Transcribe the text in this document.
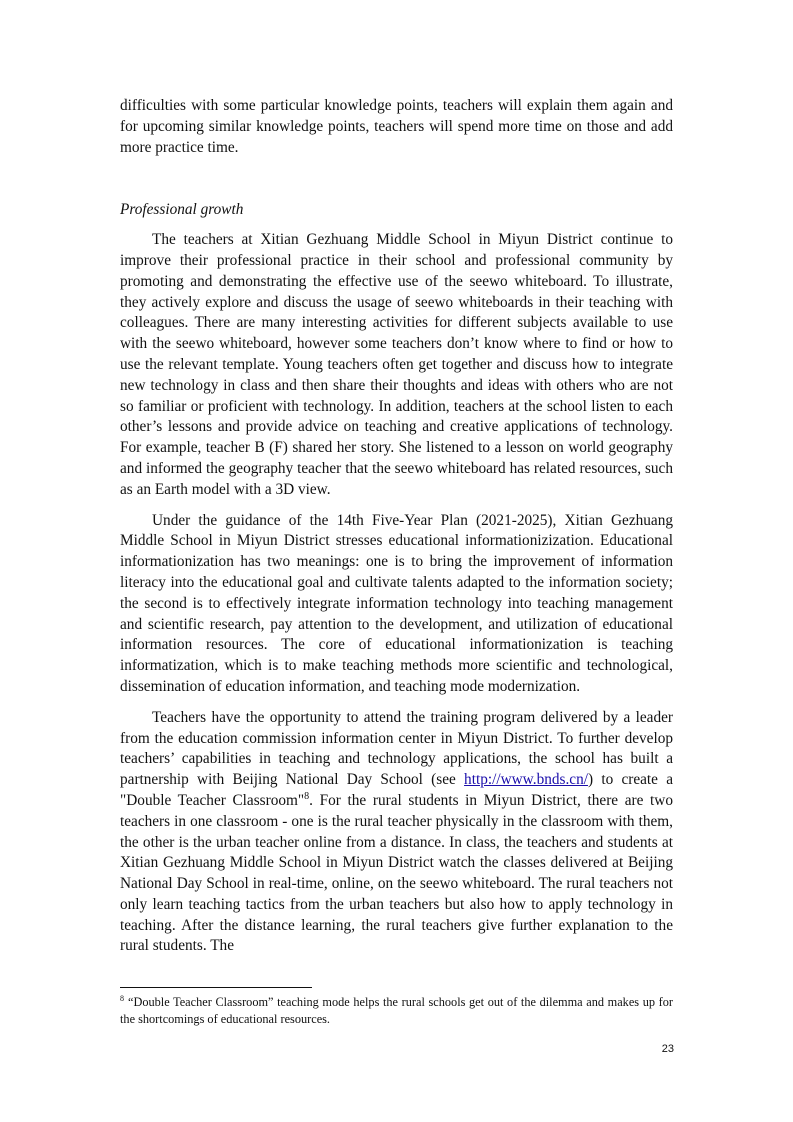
difficulties with some particular knowledge points, teachers will explain them again and for upcoming similar knowledge points, teachers will spend more time on those and add more practice time.

Professional growth

The teachers at Xitian Gezhuang Middle School in Miyun District continue to improve their professional practice in their school and professional community by promoting and demonstrating the effective use of the seewo whiteboard. To illustrate, they actively explore and discuss the usage of seewo whiteboards in their teaching with colleagues. There are many interesting activities for different subjects available to use with the seewo whiteboard, however some teachers don’t know where to find or how to use the relevant template. Young teachers often get together and discuss how to integrate new technology in class and then share their thoughts and ideas with others who are not so familiar or proficient with technology. In addition, teachers at the school listen to each other’s lessons and provide advice on teaching and creative applications of technology. For example, teacher B (F) shared her story. She listened to a lesson on world geography and informed the geography teacher that the seewo whiteboard has related resources, such as an Earth model with a 3D view.

Under the guidance of the 14th Five-Year Plan (2021-2025), Xitian Gezhuang Middle School in Miyun District stresses educational informationizization. Educational informationization has two meanings: one is to bring the improvement of information literacy into the educational goal and cultivate talents adapted to the information society; the second is to effectively integrate information technology into teaching management and scientific research, pay attention to the development, and utilization of educational information resources. The core of educational informationization is teaching informatization, which is to make teaching methods more scientific and technological, dissemination of education information, and teaching mode modernization.

Teachers have the opportunity to attend the training program delivered by a leader from the education commission information center in Miyun District. To further develop teachers’ capabilities in teaching and technology applications, the school has built a partnership with Beijing National Day School (see http://www.bnds.cn/) to create a "Double Teacher Classroom"$^8$. For the rural students in Miyun District, there are two teachers in one classroom - one is the rural teacher physically in the classroom with them, the other is the urban teacher online from a distance. In class, the teachers and students at Xitian Gezhuang Middle School in Miyun District watch the classes delivered at Beijing National Day School in real-time, online, on the seewo whiteboard. The rural teachers not only learn teaching tactics from the urban teachers but also how to apply technology in teaching. After the distance learning, the rural teachers give further explanation to the rural students. The

$^8$ “Double Teacher Classroom” teaching mode helps the rural schools get out of the dilemma and makes up for the shortcomings of educational resources.
23
